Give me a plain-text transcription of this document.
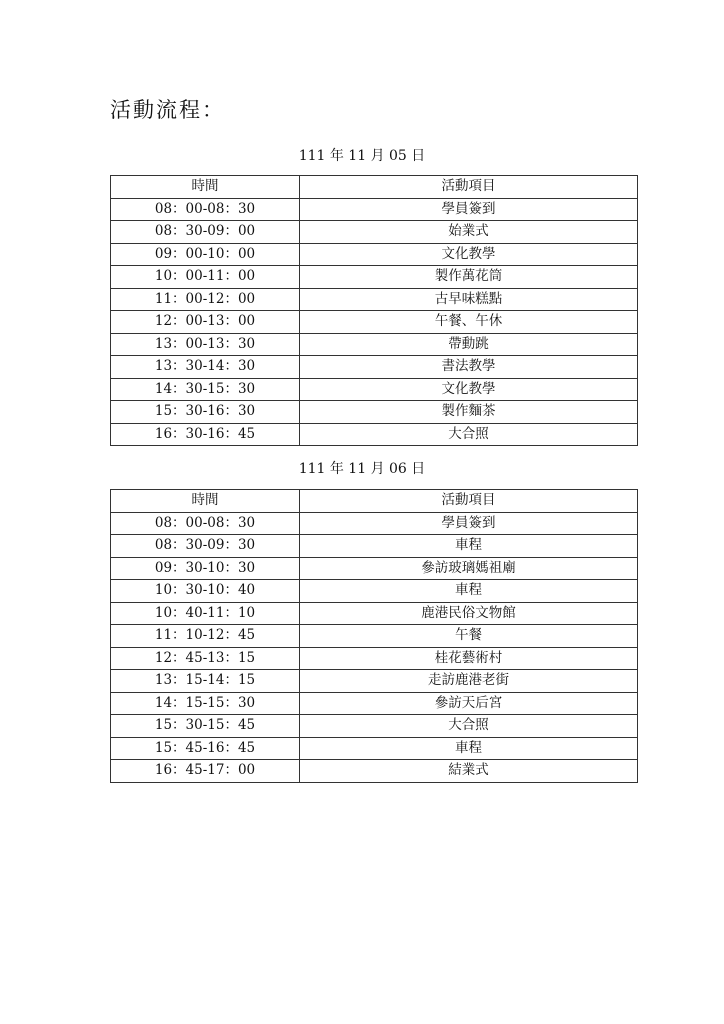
活動流程：
111 年 11 月 05 日
時間	活動項目
08：00-08：30	學員簽到
08：30-09：00	始業式
09：00-10：00	文化教學
10：00-11：00	製作萬花筒
11：00-12：00	古早味糕點
12：00-13：00	午餐、午休
13：00-13：30	帶動跳
13：30-14：30	書法教學
14：30-15：30	文化教學
15：30-16：30	製作麵茶
16：30-16：45	大合照
111 年 11 月 06 日
時間	活動項目
08：00-08：30	學員簽到
08：30-09：30	車程
09：30-10：30	參訪玻璃媽祖廟
10：30-10：40	車程
10：40-11：10	鹿港民俗文物館
11：10-12：45	午餐
12：45-13：15	桂花藝術村
13：15-14：15	走訪鹿港老街
14：15-15：30	參訪天后宮
15：30-15：45	大合照
15：45-16：45	車程
16：45-17：00	結業式
